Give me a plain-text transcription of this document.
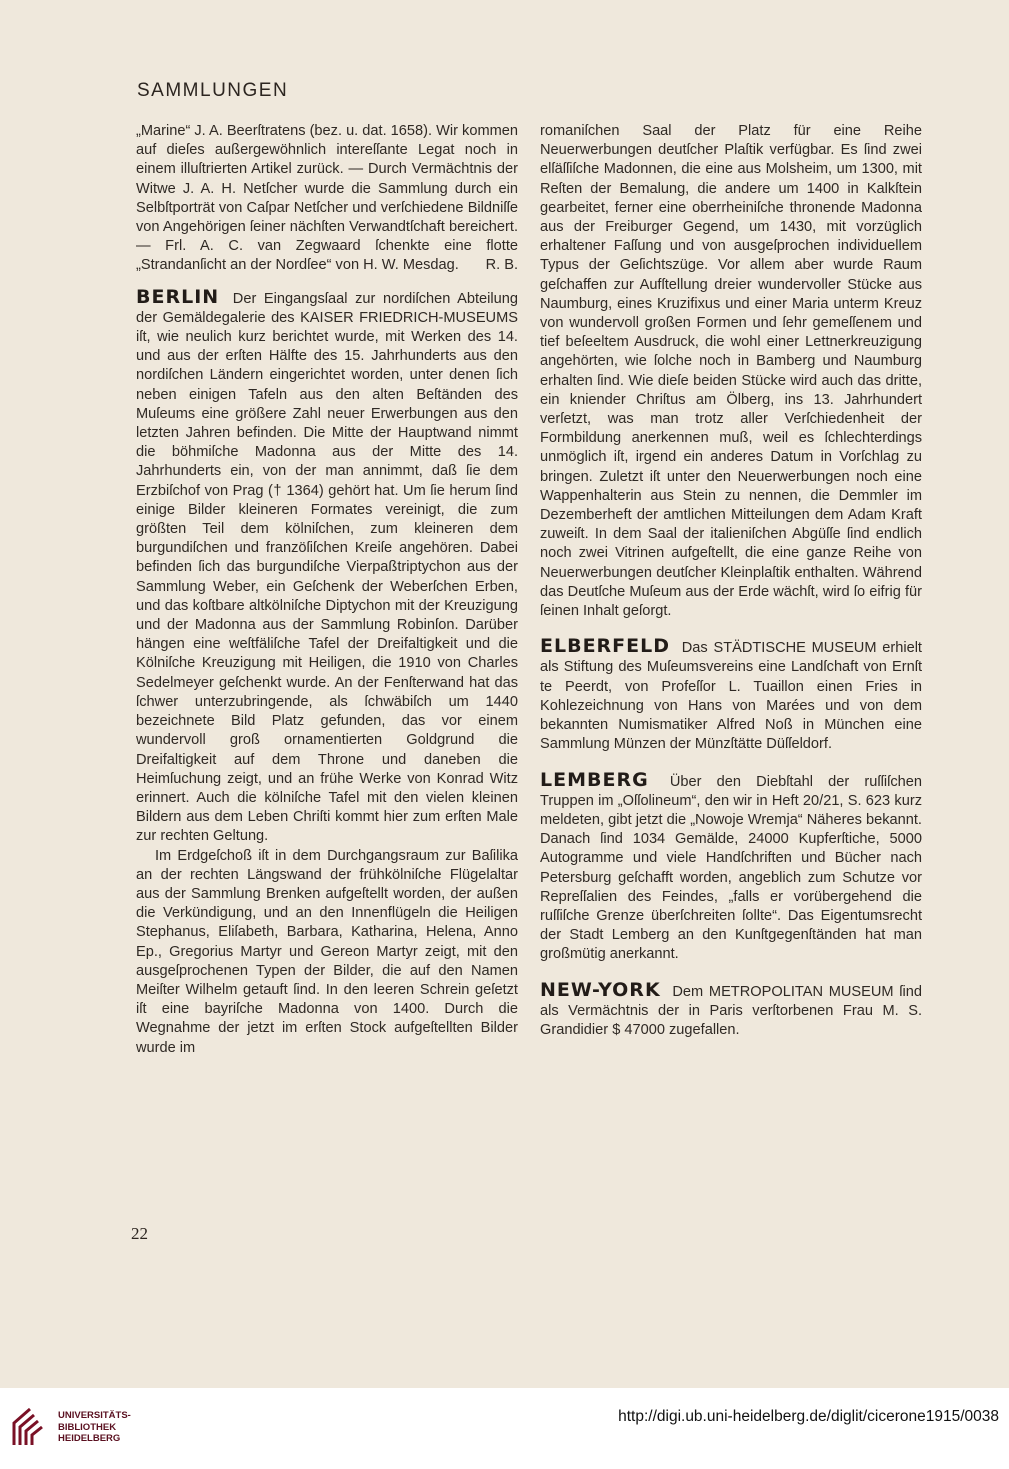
SAMMLUNGEN

„Marine“ J. A. Beerſtratens (bez. u. dat. 1658). Wir kommen auf dieſes außergewöhnlich intereſſante Legat noch in einem illuſtrierten Artikel zurück. — Durch Vermächtnis der Witwe J. A. H. Netſcher wurde die Sammlung durch ein Selbſtporträt von Caſpar Netſcher und verſchiedene Bildniſſe von Angehörigen ſeiner nächſten Verwandtſchaft bereichert. — Frl. A. C. van Zegwaard ſchenkte eine flotte „Strandanſicht an der Nordſee“ von H. W. Mesdag. R. B.

BERLIN Der Eingangsſaal zur nordiſchen Abteilung der Gemäldegalerie des KAISER FRIEDRICH-MUSEUMS iſt, wie neulich kurz berichtet wurde, mit Werken des 14. und aus der erſten Hälfte des 15. Jahrhunderts aus den nordiſchen Ländern eingerichtet worden, unter denen ſich neben einigen Tafeln aus den alten Beſtänden des Muſeums eine größere Zahl neuer Erwerbungen aus den letzten Jahren befinden. Die Mitte der Hauptwand nimmt die böhmiſche Madonna aus der Mitte des 14. Jahrhunderts ein, von der man annimmt, daß ſie dem Erzbiſchof von Prag († 1364) gehört hat. Um ſie herum ſind einige Bilder kleineren Formates vereinigt, die zum größten Teil dem kölniſchen, zum kleineren dem burgundiſchen und franzöſiſchen Kreiſe angehören. Dabei befinden ſich das burgundiſche Vierpaßtriptychon aus der Sammlung Weber, ein Geſchenk der Weberſchen Erben, und das koſtbare altkölniſche Diptychon mit der Kreuzigung und der Madonna aus der Sammlung Robinſon. Darüber hängen eine weſtfäliſche Tafel der Dreifaltigkeit und die Kölniſche Kreuzigung mit Heiligen, die 1910 von Charles Sedelmeyer geſchenkt wurde. An der Fenſterwand hat das ſchwer unterzubringende, als ſchwäbiſch um 1440 bezeichnete Bild Platz gefunden, das vor einem wundervoll groß ornamentierten Goldgrund die Dreifaltigkeit auf dem Throne und daneben die Heimſuchung zeigt, und an frühe Werke von Konrad Witz erinnert. Auch die kölniſche Tafel mit den vielen kleinen Bildern aus dem Leben Chriſti kommt hier zum erſten Male zur rechten Geltung.

Im Erdgeſchoß iſt in dem Durchgangsraum zur Baſilika an der rechten Längswand der frühkölniſche Flügelaltar aus der Sammlung Brenken aufgeſtellt worden, der außen die Verkündigung, und an den Innenflügeln die Heiligen Stephanus, Eliſabeth, Barbara, Katharina, Helena, Anno Ep., Gregorius Martyr und Gereon Martyr zeigt, mit den ausgeſprochenen Typen der Bilder, die auf den Namen Meiſter Wilhelm getauft ſind. In den leeren Schrein geſetzt iſt eine bayriſche Madonna von 1400. Durch die Wegnahme der jetzt im erſten Stock aufgeſtellten Bilder wurde im

romaniſchen Saal der Platz für eine Reihe Neuerwerbungen deutſcher Plaſtik verfügbar. Es ſind zwei elſäſſiſche Madonnen, die eine aus Molsheim, um 1300, mit Reſten der Bemalung, die andere um 1400 in Kalkſtein gearbeitet, ferner eine oberrheiniſche thronende Madonna aus der Freiburger Gegend, um 1430, mit vorzüglich erhaltener Faſſung und von ausgeſprochen individuellem Typus der Geſichtszüge. Vor allem aber wurde Raum geſchaffen zur Aufſtellung dreier wundervoller Stücke aus Naumburg, eines Kruzifixus und einer Maria unterm Kreuz von wundervoll großen Formen und ſehr gemeſſenem und tief beſeeltem Ausdruck, die wohl einer Lettnerkreuzigung angehörten, wie ſolche noch in Bamberg und Naumburg erhalten ſind. Wie dieſe beiden Stücke wird auch das dritte, ein kniender Chriſtus am Ölberg, ins 13. Jahrhundert verſetzt, was man trotz aller Verſchiedenheit der Formbildung anerkennen muß, weil es ſchlechterdings unmöglich iſt, irgend ein anderes Datum in Vorſchlag zu bringen. Zuletzt iſt unter den Neuerwerbungen noch eine Wappenhalterin aus Stein zu nennen, die Demmler im Dezemberheft der amtlichen Mitteilungen dem Adam Kraft zuweiſt. In dem Saal der italieniſchen Abgüſſe ſind endlich noch zwei Vitrinen aufgeſtellt, die eine ganze Reihe von Neuerwerbungen deutſcher Kleinplaſtik enthalten. Während das Deutſche Muſeum aus der Erde wächſt, wird ſo eifrig für ſeinen Inhalt geſorgt.

ELBERFELD Das STÄDTISCHE MUSEUM erhielt als Stiftung des Muſeumsvereins eine Landſchaft von Ernſt te Peerdt, von Profeſſor L. Tuaillon einen Fries in Kohlezeichnung von Hans von Marées und von dem bekannten Numismatiker Alfred Noß in München eine Sammlung Münzen der Münzſtätte Düſſeldorf.

LEMBERG Über den Diebſtahl der ruſſiſchen Truppen im „Oſſolineum“, den wir in Heft 20/21, S. 623 kurz meldeten, gibt jetzt die „Nowoje Wremja“ Näheres bekannt. Danach ſind 1034 Gemälde, 24000 Kupferſtiche, 5000 Autogramme und viele Handſchriften und Bücher nach Petersburg geſchafft worden, angeblich zum Schutze vor Repreſſalien des Feindes, „falls er vorübergehend die ruſſiſche Grenze überſchreiten ſollte“. Das Eigentumsrecht der Stadt Lemberg an den Kunſtgegenſtänden hat man großmütig anerkannt.

NEW-YORK Dem METROPOLITAN MUSEUM ſind als Vermächtnis der in Paris verſtorbenen Frau M. S. Grandidier $ 47000 zugefallen.

22
UNIVERSITÄTS-
BIBLIOTHEK
HEIDELBERG
http://digi.ub.uni-heidelberg.de/diglit/cicerone1915/0038
